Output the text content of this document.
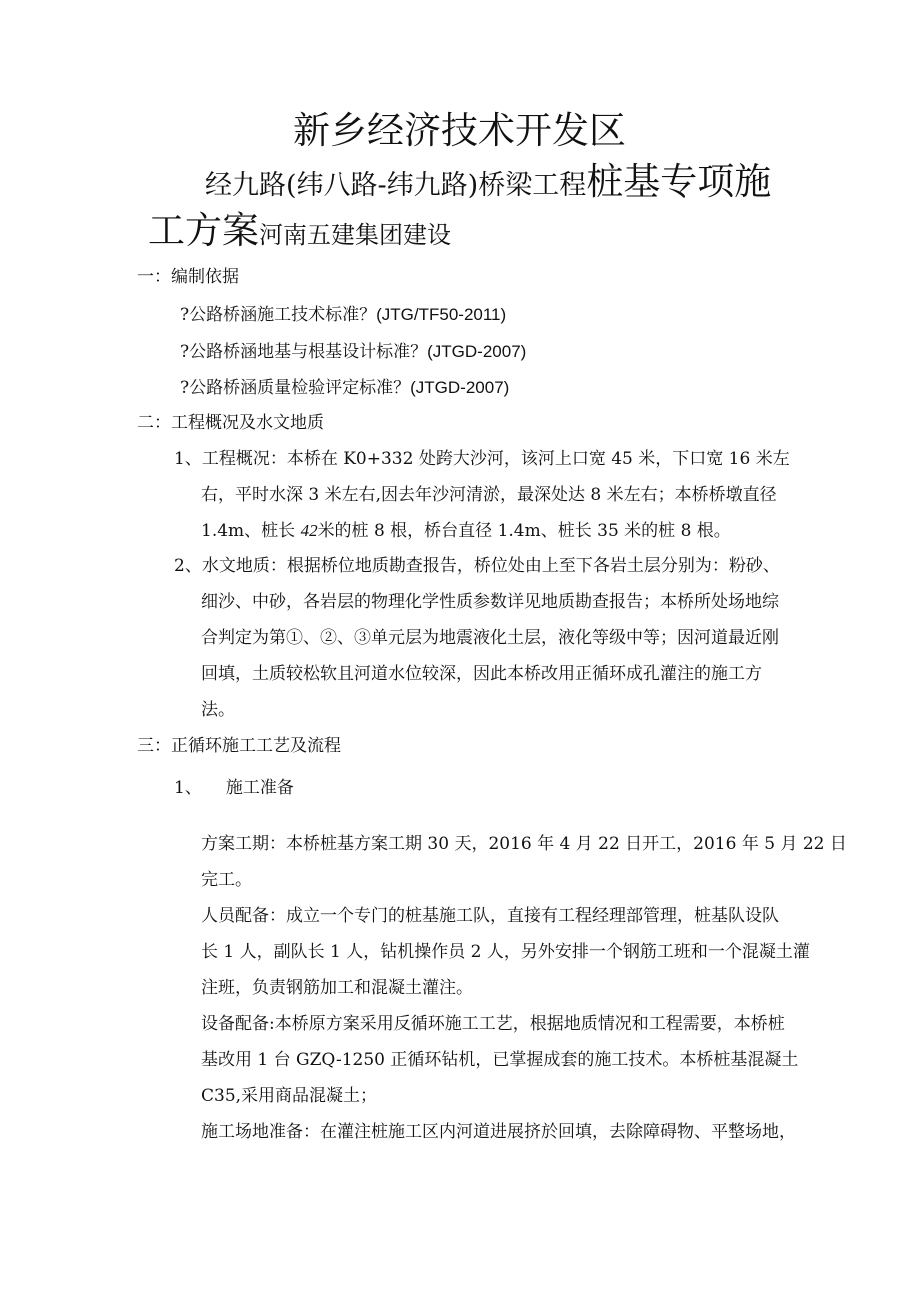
新乡经济技术开发区
经九路(纬八路-纬九路)桥梁工程桩基专项施
工方案河南五建集团建设
一：编制依据
?公路桥涵施工技术标准？(JTG/TF50-2011)
?公路桥涵地基与根基设计标准？(JTGD-2007)
?公路桥涵质量检验评定标准？(JTGD-2007)
二：工程概况及水文地质
1、工程概况：本桥在 K0+332 处跨大沙河，该河上口宽 45 米，下口宽 16 米左
右，平时水深 3 米左右,因去年沙河清淤，最深处达 8 米左右；本桥桥墩直径
1.4m、桩长 42米的桩 8 根，桥台直径 1.4m、桩长 35 米的桩 8 根。
2、水文地质：根据桥位地质勘查报告，桥位处由上至下各岩土层分别为：粉砂、
细沙、中砂，各岩层的物理化学性质参数详见地质勘查报告；本桥所处场地综
合判定为第①、②、③单元层为地震液化土层，液化等级中等；因河道最近刚
回填，土质较松软且河道水位较深，因此本桥改用正循环成孔灌注的施工方
法。
三：正循环施工工艺及流程
1、 施工准备
方案工期：本桥桩基方案工期 30 天，2016 年 4 月 22 日开工，2016 年 5 月 22 日
完工。
人员配备：成立一个专门的桩基施工队，直接有工程经理部管理，桩基队设队
长 1 人，副队长 1 人，钻机操作员 2 人，另外安排一个钢筋工班和一个混凝土灌
注班，负责钢筋加工和混凝土灌注。
设备配备:本桥原方案采用反循环施工工艺，根据地质情况和工程需要，本桥桩
基改用 1 台 GZQ-1250 正循环钻机，已掌握成套的施工技术。本桥桩基混凝土
C35,采用商品混凝土；
施工场地准备：在灌注桩施工区内河道进展挤於回填，去除障碍物、平整场地，
